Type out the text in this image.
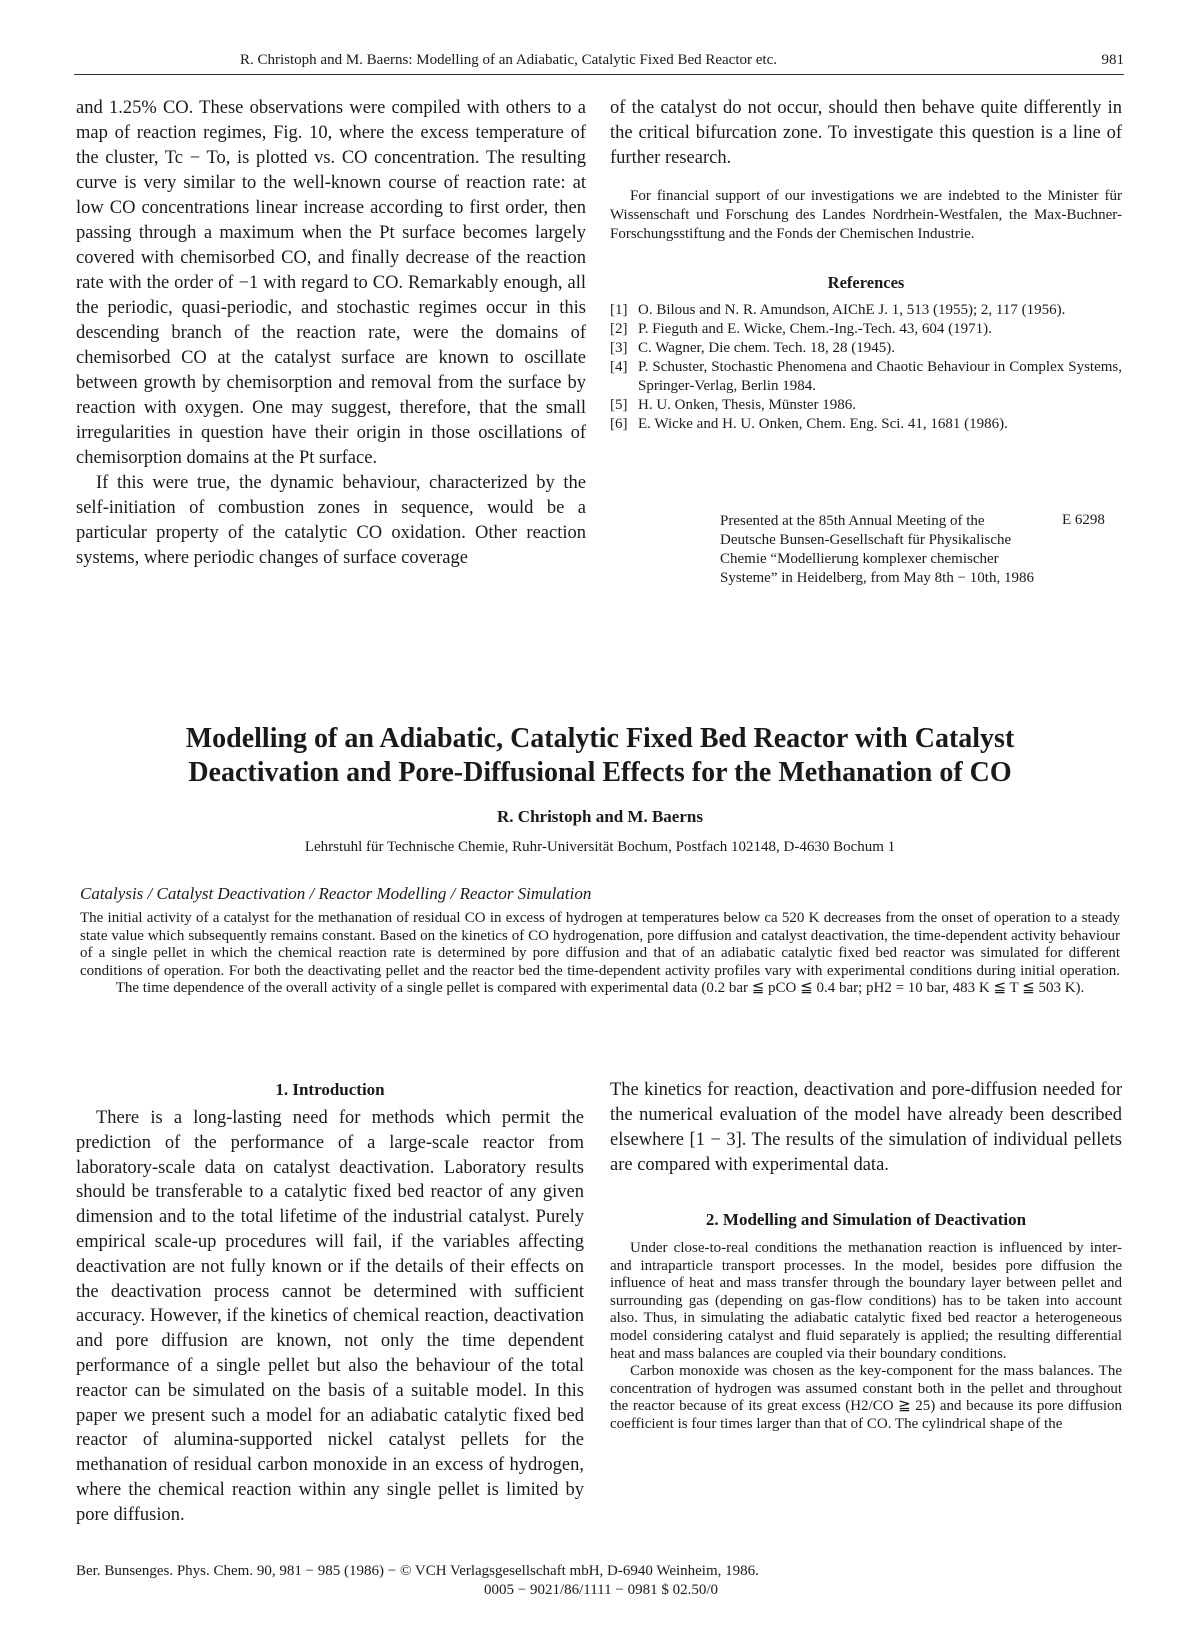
R. Christoph and M. Baerns: Modelling of an Adiabatic, Catalytic Fixed Bed Reactor etc.	981

and 1.25% CO. These observations were compiled with others to a map of reaction regimes, Fig. 10, where the excess temperature of the cluster, Tc − To, is plotted vs. CO concentration. The resulting curve is very similar to the well-known course of reaction rate: at low CO concentrations linear increase according to first order, then passing through a maximum when the Pt surface becomes largely covered with chemisorbed CO, and finally decrease of the reaction rate with the order of −1 with regard to CO. Remarkably enough, all the periodic, quasi-periodic, and stochastic regimes occur in this descending branch of the reaction rate, were the domains of chemisorbed CO at the catalyst surface are known to oscillate between growth by chemisorption and removal from the surface by reaction with oxygen. One may suggest, therefore, that the small irregularities in question have their origin in those oscillations of chemisorption domains at the Pt surface.

If this were true, the dynamic behaviour, characterized by the self-initiation of combustion zones in sequence, would be a particular property of the catalytic CO oxidation. Other reaction systems, where periodic changes of surface coverage

of the catalyst do not occur, should then behave quite differently in the critical bifurcation zone. To investigate this question is a line of further research.

For financial support of our investigations we are indebted to the Minister für Wissenschaft und Forschung des Landes Nordrhein-Westfalen, the Max-Buchner-Forschungsstiftung and the Fonds der Chemischen Industrie.

References
[1] O. Bilous and N. R. Amundson, AIChE J. 1, 513 (1955); 2, 117 (1956).
[2] P. Fieguth and E. Wicke, Chem.-Ing.-Tech. 43, 604 (1971).
[3] C. Wagner, Die chem. Tech. 18, 28 (1945).
[4] P. Schuster, Stochastic Phenomena and Chaotic Behaviour in Complex Systems, Springer-Verlag, Berlin 1984.
[5] H. U. Onken, Thesis, Münster 1986.
[6] E. Wicke and H. U. Onken, Chem. Eng. Sci. 41, 1681 (1986).
Presented at the 85th Annual Meeting of the Deutsche Bunsen-Gesellschaft für Physikalische Chemie “Modellierung komplexer chemischer Systeme” in Heidelberg, from May 8th − 10th, 1986
E 6298
Modelling of an Adiabatic, Catalytic Fixed Bed Reactor with Catalyst
Deactivation and Pore-Diffusional Effects for the Methanation of CO
R. Christoph and M. Baerns
Lehrstuhl für Technische Chemie, Ruhr-Universität Bochum, Postfach 102148, D-4630 Bochum 1
Catalysis / Catalyst Deactivation / Reactor Modelling / Reactor Simulation
The initial activity of a catalyst for the methanation of residual CO in excess of hydrogen at temperatures below ca 520 K decreases from the onset of operation to a steady state value which subsequently remains constant. Based on the kinetics of CO hydrogenation, pore diffusion and catalyst deactivation, the time-dependent activity behaviour of a single pellet in which the chemical reaction rate is determined by pore diffusion and that of an adiabatic catalytic fixed bed reactor was simulated for different conditions of operation. For both the deactivating pellet and the reactor bed the time-dependent activity profiles vary with experimental conditions during initial operation. The time dependence of the overall activity of a single pellet is compared with experimental data (0.2 bar ≦ pCO ≦ 0.4 bar; pH2 = 10 bar, 483 K ≦ T ≦ 503 K).
1. Introduction

There is a long-lasting need for methods which permit the prediction of the performance of a large-scale reactor from laboratory-scale data on catalyst deactivation. Laboratory results should be transferable to a catalytic fixed bed reactor of any given dimension and to the total lifetime of the industrial catalyst. Purely empirical scale-up procedures will fail, if the variables affecting deactivation are not fully known or if the details of their effects on the deactivation process cannot be determined with sufficient accuracy. However, if the kinetics of chemical reaction, deactivation and pore diffusion are known, not only the time dependent performance of a single pellet but also the behaviour of the total reactor can be simulated on the basis of a suitable model. In this paper we present such a model for an adiabatic catalytic fixed bed reactor of alumina-supported nickel catalyst pellets for the methanation of residual carbon monoxide in an excess of hydrogen, where the chemical reaction within any single pellet is limited by pore diffusion.

The kinetics for reaction, deactivation and pore-diffusion needed for the numerical evaluation of the model have already been described elsewhere [1 − 3]. The results of the simulation of individual pellets are compared with experimental data.

2. Modelling and Simulation of Deactivation

Under close-to-real conditions the methanation reaction is influenced by inter- and intraparticle transport processes. In the model, besides pore diffusion the influence of heat and mass transfer through the boundary layer between pellet and surrounding gas (depending on gas-flow conditions) has to be taken into account also. Thus, in simulating the adiabatic catalytic fixed bed reactor a heterogeneous model considering catalyst and fluid separately is applied; the resulting differential heat and mass balances are coupled via their boundary conditions.

Carbon monoxide was chosen as the key-component for the mass balances. The concentration of hydrogen was assumed constant both in the pellet and throughout the reactor because of its great excess (H2/CO ≧ 25) and because its pore diffusion coefficient is four times larger than that of CO. The cylindrical shape of the

Ber. Bunsenges. Phys. Chem. 90, 981 − 985 (1986) − © VCH Verlagsgesellschaft mbH, D-6940 Weinheim, 1986.
0005 − 9021/86/1111 − 0981 $ 02.50/0
